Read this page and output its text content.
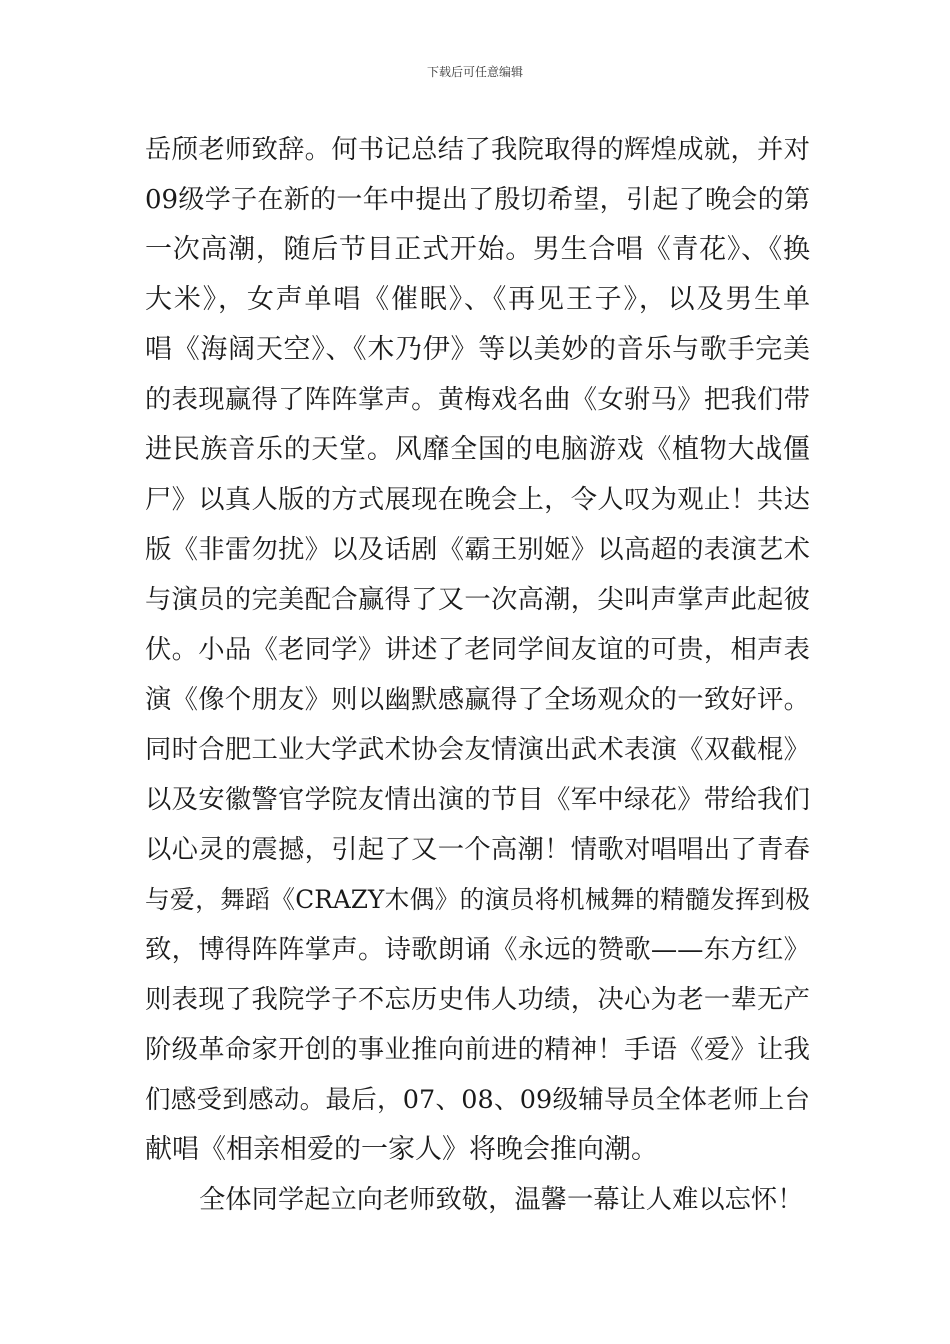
下载后可任意编辑
岳颀老师致辞。何书记总结了我院取得的辉煌成就，并对
09级学子在新的一年中提出了殷切希望，引起了晚会的第
一次高潮，随后节目正式开始。男生合唱《青花》、《换
大米》，女声单唱《催眠》、《再见王子》，以及男生单
唱《海阔天空》、《木乃伊》等以美妙的音乐与歌手完美
的表现赢得了阵阵掌声。黄梅戏名曲《女驸马》把我们带
进民族音乐的天堂。风靡全国的电脑游戏《植物大战僵
尸》以真人版的方式展现在晚会上，令人叹为观止！共达
版《非雷勿扰》以及话剧《霸王别姬》以高超的表演艺术
与演员的完美配合赢得了又一次高潮，尖叫声掌声此起彼
伏。小品《老同学》讲述了老同学间友谊的可贵，相声表
演《像个朋友》则以幽默感赢得了全场观众的一致好评。
同时合肥工业大学武术协会友情演出武术表演《双截棍》
以及安徽警官学院友情出演的节目《军中绿花》带给我们
以心灵的震撼，引起了又一个高潮！情歌对唱唱出了青春
与爱，舞蹈《CRAZY木偶》的演员将机械舞的精髓发挥到极
致，博得阵阵掌声。诗歌朗诵《永远的赞歌——东方红》
则表现了我院学子不忘历史伟人功绩，决心为老一辈无产
阶级革命家开创的事业推向前进的精神！手语《爱》让我
们感受到感动。最后，07、08、09级辅导员全体老师上台
献唱《相亲相爱的一家人》将晚会推向潮。
全体同学起立向老师致敬，温馨一幕让人难以忘怀！
